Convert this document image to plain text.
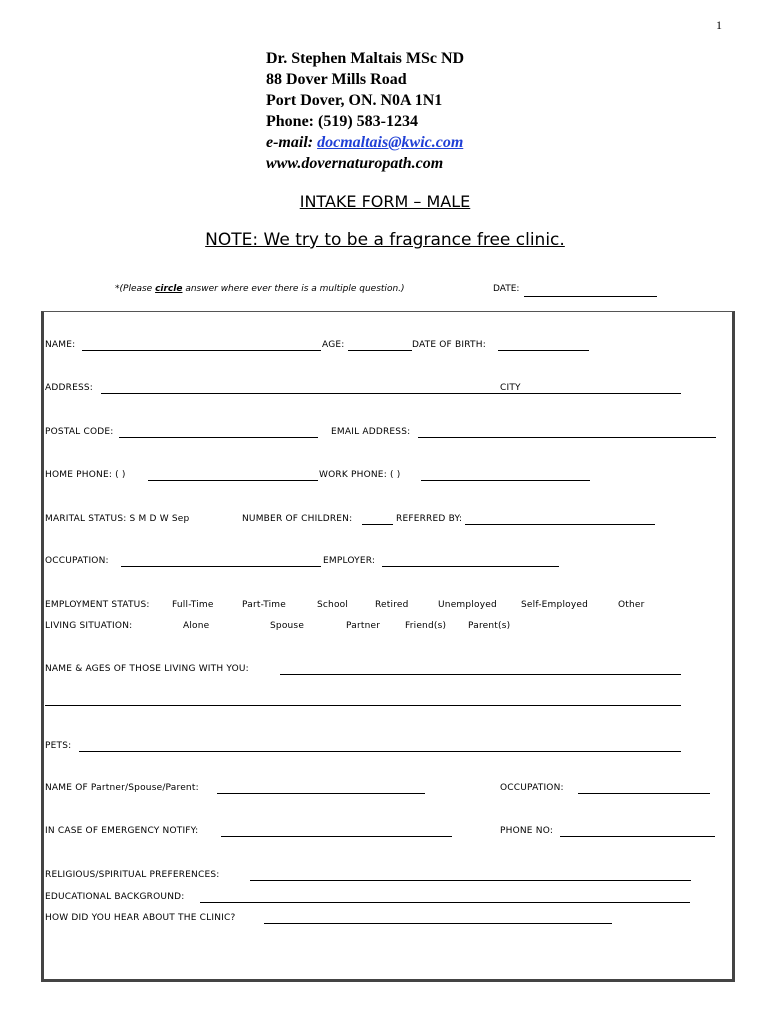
1
Dr. Stephen Maltais MSc ND
88 Dover Mills Road
Port Dover, ON. N0A 1N1
Phone: (519) 583-1234
e-mail: docmaltais@kwic.com
www.dovernaturopath.com
INTAKE FORM – MALE
NOTE: We try to be a fragrance free clinic.
*(Please circle answer where ever there is a multiple question.)	DATE:
NAME:	AGE:	DATE OF BIRTH:
ADDRESS:	CITY
POSTAL CODE:	EMAIL ADDRESS:
HOME PHONE: ( )	WORK PHONE: ( )
MARITAL STATUS: S M D W Sep	NUMBER OF CHILDREN:	REFERRED BY:
OCCUPATION:	EMPLOYER:
EMPLOYMENT STATUS: Full-Time	Part-Time	School	Retired	Unemployed	Self-Employed	Other
LIVING SITUATION:	Alone	Spouse	Partner	Friend(s) Parent(s)
NAME & AGES OF THOSE LIVING WITH YOU:
PETS:
NAME OF Partner/Spouse/Parent:	OCCUPATION:
IN CASE OF EMERGENCY NOTIFY:	PHONE NO:
RELIGIOUS/SPIRITUAL PREFERENCES:
EDUCATIONAL BACKGROUND:
HOW DID YOU HEAR ABOUT THE CLINIC?
